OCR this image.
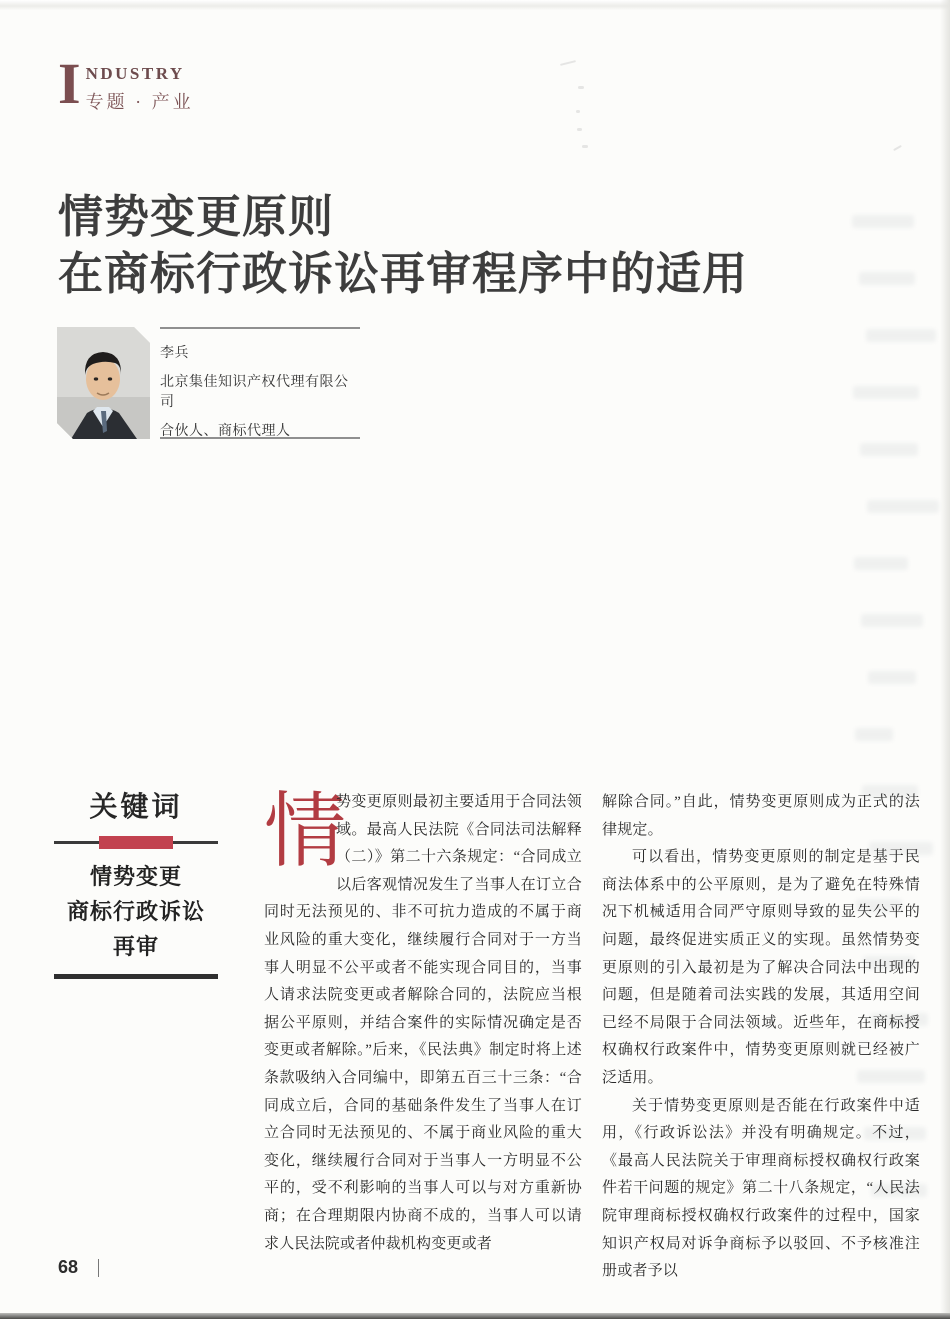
I NDUSTRY
专题 · 产业
情势变更原则
在商标行政诉讼再审程序中的适用
李兵
北京集佳知识产权代理有限公司
合伙人、商标代理人
关键词
情势变更
商标行政诉讼
再审

情
势变更原则最初主要适用于合同法领域。最高人民法院《合同法司法解释（二）》第二十六条规定：“合同成立以后客观情况发生了当事人在订立合同时无法预见的、非不可抗力造成的不属于商业风险的重大变化，继续履行合同对于一方当事人明显不公平或者不能实现合同目的，当事人请求法院变更或者解除合同的，法院应当根据公平原则，并结合案件的实际情况确定是否变更或者解除。”后来，《民法典》制定时将上述条款吸纳入合同编中，即第五百三十三条：“合同成立后，合同的基础条件发生了当事人在订立合同时无法预见的、不属于商业风险的重大变化，继续履行合同对于当事人一方明显不公平的，受不利影响的当事人可以与对方重新协商；在合理期限内协商不成的，当事人可以请求人民法院或者仲裁机构变更或者

解除合同。”自此，情势变更原则成为正式的法律规定。

可以看出，情势变更原则的制定是基于民商法体系中的公平原则，是为了避免在特殊情况下机械适用合同严守原则导致的显失公平的问题，最终促进实质正义的实现。虽然情势变更原则的引入最初是为了解决合同法中出现的问题，但是随着司法实践的发展，其适用空间已经不局限于合同法领域。近些年，在商标授权确权行政案件中，情势变更原则就已经被广泛适用。

关于情势变更原则是否能在行政案件中适用，《行政诉讼法》并没有明确规定。不过，《最高人民法院关于审理商标授权确权行政案件若干问题的规定》第二十八条规定，“人民法院审理商标授权确权行政案件的过程中，国家知识产权局对诉争商标予以驳回、不予核准注册或者予以

68
